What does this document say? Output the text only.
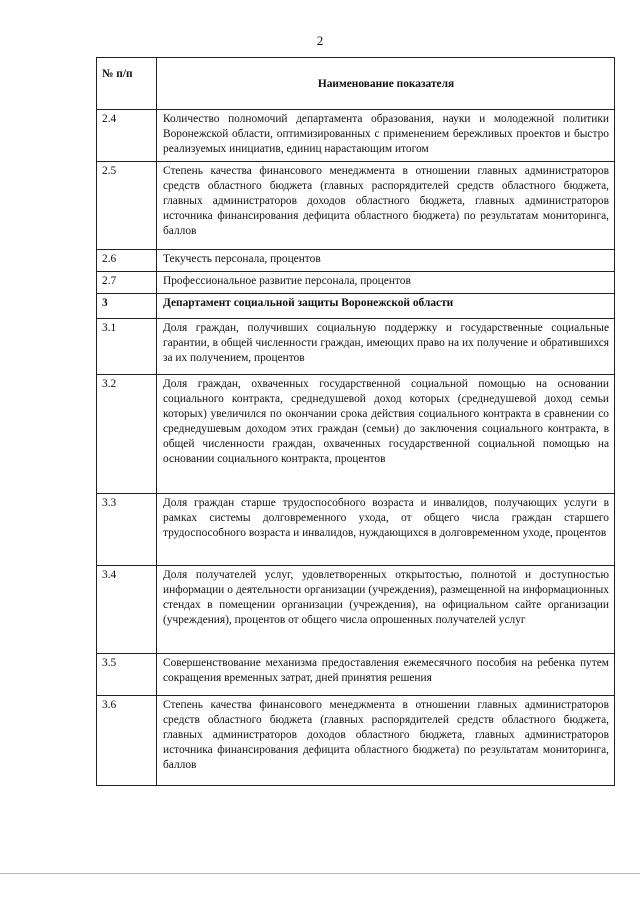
2
№ п/п	Наименование показателя
2.4	Количество полномочий департамента образования, науки и молодежной политики Воронежской области, оптимизированных с применением бережливых проектов и быстро реализуемых инициатив, единиц нарастающим итогом
2.5	Степень качества финансового менеджмента в отношении главных администраторов средств областного бюджета (главных распорядителей средств областного бюджета, главных администраторов доходов областного бюджета, главных администраторов источника финансирования дефицита областного бюджета) по результатам мониторинга, баллов
2.6	Текучесть персонала, процентов
2.7	Профессиональное развитие персонала, процентов
3	Департамент социальной защиты Воронежской области
3.1	Доля граждан, получивших социальную поддержку и государственные социальные гарантии, в общей численности граждан, имеющих право на их получение и обратившихся за их получением, процентов
3.2	Доля граждан, охваченных государственной социальной помощью на основании социального контракта, среднедушевой доход которых (среднедушевой доход семьи которых) увеличился по окончании срока действия социального контракта в сравнении со среднедушевым доходом этих граждан (семьи) до заключения социального контракта, в общей численности граждан, охваченных государственной социальной помощью на основании социального контракта, процентов
3.3	Доля граждан старше трудоспособного возраста и инвалидов, получающих услуги в рамках системы долговременного ухода, от общего числа граждан старшего трудоспособного возраста и инвалидов, нуждающихся в долговременном уходе, процентов
3.4	Доля получателей услуг, удовлетворенных открытостью, полнотой и доступностью информации о деятельности организации (учреждения), размещенной на информационных стендах в помещении организации (учреждения), на официальном сайте организации (учреждения), процентов от общего числа опрошенных получателей услуг
3.5	Совершенствование механизма предоставления ежемесячного пособия на ребенка путем сокращения временных затрат, дней принятия решения
3.6	Степень качества финансового менеджмента в отношении главных администраторов средств областного бюджета (главных распорядителей средств областного бюджета, главных администраторов доходов областного бюджета, главных администраторов источника финансирования дефицита областного бюджета) по результатам мониторинга, баллов
